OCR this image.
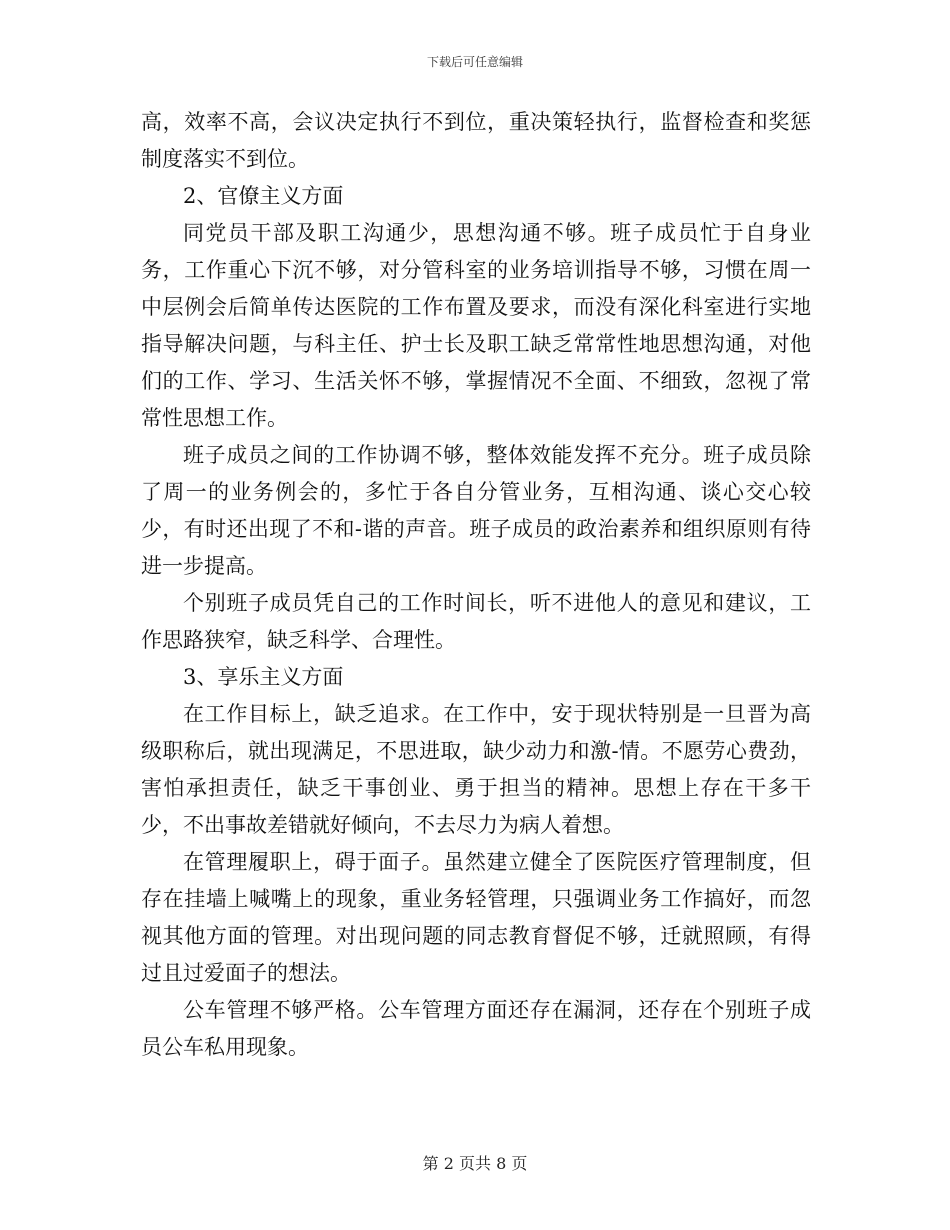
下载后可任意编辑

高，效率不高，会议决定执行不到位，重决策轻执行，监督检查和奖惩制度落实不到位。

2、官僚主义方面

同党员干部及职工沟通少，思想沟通不够。班子成员忙于自身业务，工作重心下沉不够，对分管科室的业务培训指导不够，习惯在周一中层例会后简单传达医院的工作布置及要求，而没有深化科室进行实地指导解决问题，与科主任、护士长及职工缺乏常常性地思想沟通，对他们的工作、学习、生活关怀不够，掌握情况不全面、不细致，忽视了常常性思想工作。

班子成员之间的工作协调不够，整体效能发挥不充分。班子成员除了周一的业务例会的，多忙于各自分管业务，互相沟通、谈心交心较少，有时还出现了不和-谐的声音。班子成员的政治素养和组织原则有待进一步提高。

个别班子成员凭自己的工作时间长，听不进他人的意见和建议，工作思路狭窄，缺乏科学、合理性。

3、享乐主义方面

在工作目标上，缺乏追求。在工作中，安于现状特别是一旦晋为高级职称后，就出现满足，不思进取，缺少动力和激-情。不愿劳心费劲，害怕承担责任，缺乏干事创业、勇于担当的精神。思想上存在干多干少，不出事故差错就好倾向，不去尽力为病人着想。

在管理履职上，碍于面子。虽然建立健全了医院医疗管理制度，但存在挂墙上喊嘴上的现象，重业务轻管理，只强调业务工作搞好，而忽视其他方面的管理。对出现问题的同志教育督促不够，迁就照顾，有得过且过爱面子的想法。

公车管理不够严格。公车管理方面还存在漏洞，还存在个别班子成员公车私用现象。

第 2 页共 8 页
